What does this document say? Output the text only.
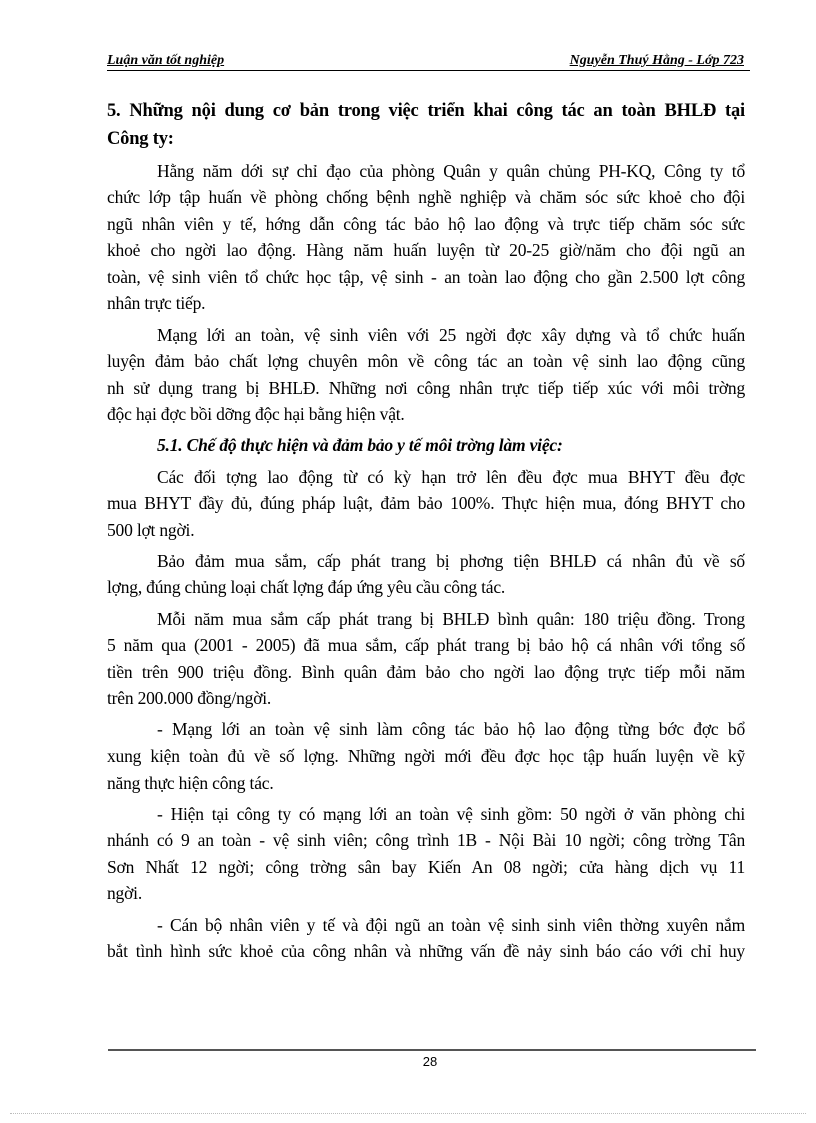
Luận văn tốt nghiệp	Nguyễn Thuý Hằng - Lớp 723
5. Những nội dung cơ bản trong việc triển khai công tác an toàn BHLĐ tại
Công ty:
Hằng năm dới sự chỉ đạo của phòng Quân y quân chủng PH-KQ, Công ty tổ
chức lớp tập huấn về phòng chống bệnh nghề nghiệp và chăm sóc sức khoẻ cho đội
ngũ nhân viên y tế, hớng dẫn công tác bảo hộ lao động và trực tiếp chăm sóc sức
khoẻ cho ngời lao động. Hàng năm huấn luyện từ 20-25 giờ/năm cho đội ngũ an
toàn, vệ sinh viên tổ chức học tập, vệ sinh - an toàn lao động cho gần 2.500 lợt công
nhân trực tiếp.
Mạng lới an toàn, vệ sinh viên với 25 ngời đợc xây dựng và tổ chức huấn
luyện đảm bảo chất lợng chuyên môn về công tác an toàn vệ sinh lao động cũng
nh sử dụng trang bị BHLĐ. Những nơi công nhân trực tiếp tiếp xúc với môi trờng
độc hại đợc bồi dỡng độc hại bằng hiện vật.
5.1. Chế độ thực hiện và đảm bảo y tế môi trờng làm việc:
Các đối tợng lao động từ có kỳ hạn trở lên đều đợc mua BHYT đều đợc
mua BHYT đầy đủ, đúng pháp luật, đảm bảo 100%. Thực hiện mua, đóng BHYT cho
500 lợt ngời.
Bảo đảm mua sắm, cấp phát trang bị phơng tiện BHLĐ cá nhân đủ về số
lợng, đúng chủng loại chất lợng đáp ứng yêu cầu công tác.
Mỗi năm mua sắm cấp phát trang bị BHLĐ bình quân: 180 triệu đồng. Trong
5 năm qua (2001 - 2005) đã mua sắm, cấp phát trang bị bảo hộ cá nhân với tổng số
tiền trên 900 triệu đồng. Bình quân đảm bảo cho ngời lao động trực tiếp mỗi năm
trên 200.000 đồng/ngời.
- Mạng lới an toàn vệ sinh làm công tác bảo hộ lao động từng bớc đợc bổ
xung kiện toàn đủ về số lợng. Những ngời mới đều đợc học tập huấn luyện về kỹ
năng thực hiện công tác.
- Hiện tại công ty có mạng lới an toàn vệ sinh gồm: 50 ngời ở văn phòng chi
nhánh có 9 an toàn - vệ sinh viên; công trình 1B - Nội Bài 10 ngời; công trờng Tân
Sơn Nhất 12 ngời; công trờng sân bay Kiến An 08 ngời; cửa hàng dịch vụ 11
ngời.
- Cán bộ nhân viên y tế và đội ngũ an toàn vệ sinh sinh viên thờng xuyên nắm
bắt tình hình sức khoẻ của công nhân và những vấn đề nảy sinh báo cáo với chỉ huy
28
